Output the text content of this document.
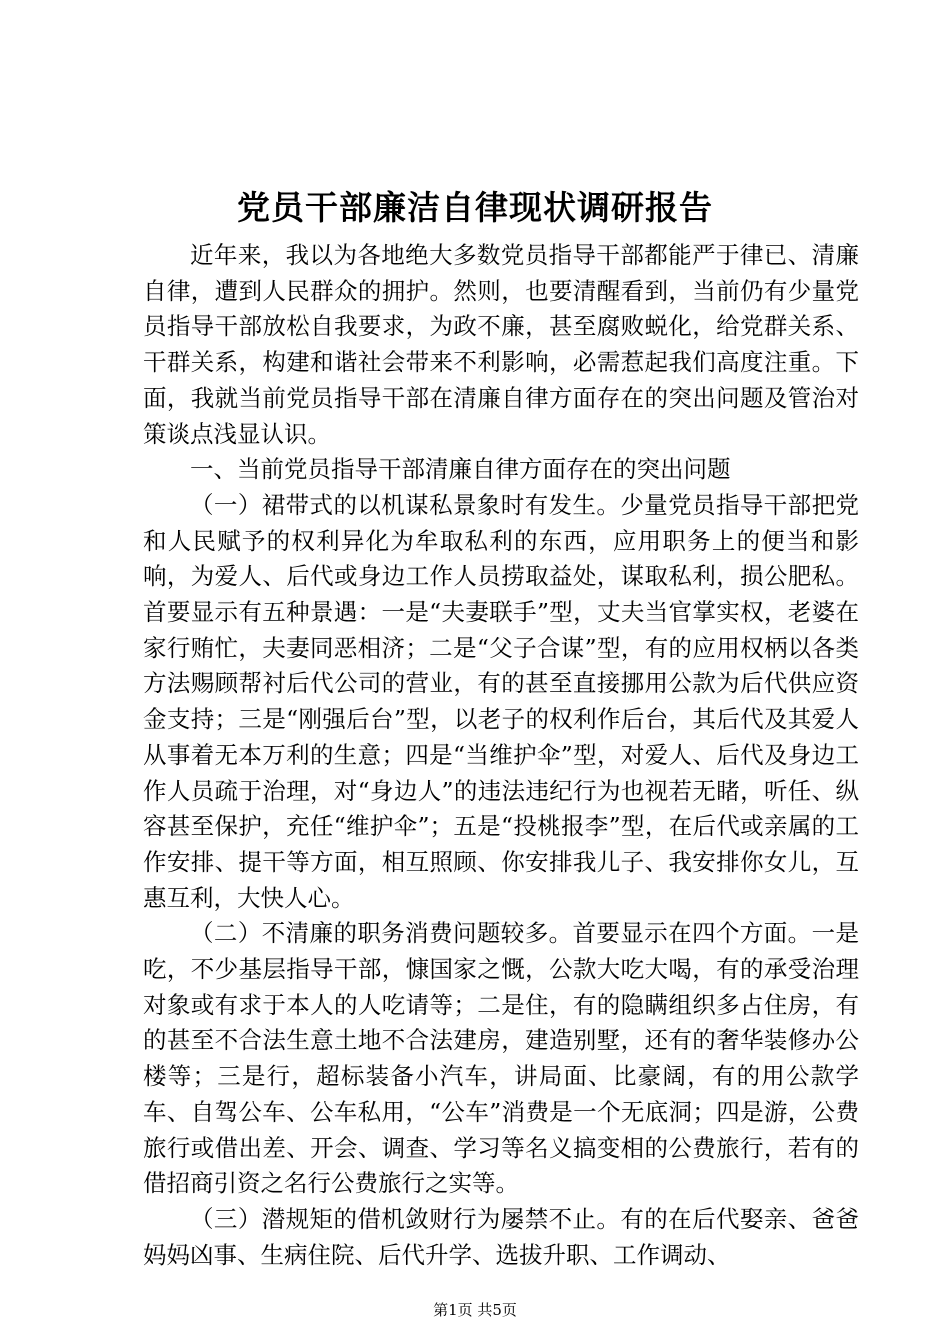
党员干部廉洁自律现状调研报告

近年来，我以为各地绝大多数党员指导干部都能严于律已、清廉自律，遭到人民群众的拥护。然则，也要清醒看到，当前仍有少量党员指导干部放松自我要求，为政不廉，甚至腐败蜕化，给党群关系、干群关系，构建和谐社会带来不利影响，必需惹起我们高度注重。下面，我就当前党员指导干部在清廉自律方面存在的突出问题及管治对策谈点浅显认识。

一、当前党员指导干部清廉自律方面存在的突出问题

（一）裙带式的以机谋私景象时有发生。少量党员指导干部把党和人民赋予的权利异化为牟取私利的东西，应用职务上的便当和影响，为爱人、后代或身边工作人员捞取益处，谋取私利，损公肥私。首要显示有五种景遇：一是“夫妻联手”型，丈夫当官掌实权，老婆在家行贿忙，夫妻同恶相济；二是“父子合谋”型，有的应用权柄以各类方法赐顾帮衬后代公司的营业，有的甚至直接挪用公款为后代供应资金支持；三是“刚强后台”型，以老子的权利作后台，其后代及其爱人从事着无本万利的生意；四是“当维护伞”型，对爱人、后代及身边工作人员疏于治理，对“身边人”的违法违纪行为也视若无睹，听任、纵容甚至保护，充任“维护伞”；五是“投桃报李”型，在后代或亲属的工作安排、提干等方面，相互照顾、你安排我儿子、我安排你女儿，互惠互利，大快人心。

（二）不清廉的职务消费问题较多。首要显示在四个方面。一是吃，不少基层指导干部，慷国家之慨，公款大吃大喝，有的承受治理对象或有求于本人的人吃请等；二是住，有的隐瞒组织多占住房，有的甚至不合法生意土地不合法建房，建造别墅，还有的奢华装修办公楼等；三是行，超标装备小汽车，讲局面、比豪阔，有的用公款学车、自驾公车、公车私用，“公车”消费是一个无底洞；四是游，公费旅行或借出差、开会、调查、学习等名义搞变相的公费旅行，若有的借招商引资之名行公费旅行之实等。

（三）潜规矩的借机敛财行为屡禁不止。有的在后代娶亲、爸爸妈妈凶事、生病住院、后代升学、选拔升职、工作调动、

第1页 共5页
